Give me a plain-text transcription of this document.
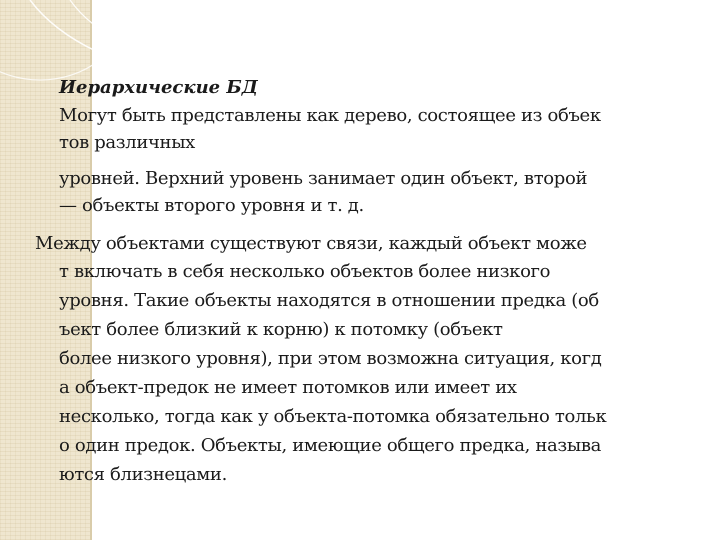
Иерархические БД
Могут быть представлены как дерево, состоящее из объек
тов различных
уровней. Верхний уровень занимает один объект, второй
— объекты второго уровня и т. д.
Между объектами существуют связи, каждый объект може
т включать в себя несколько объектов более низкого
уровня. Такие объекты находятся в отношении предка (об
ъект более близкий к корню) к потомку (объект
более низкого уровня), при этом возможна ситуация, когд
а объект-предок не имеет потомков или имеет их
несколько, тогда как у объекта-потомка обязательно тольк
о один предок. Объекты, имеющие общего предка, называ
ются близнецами.
